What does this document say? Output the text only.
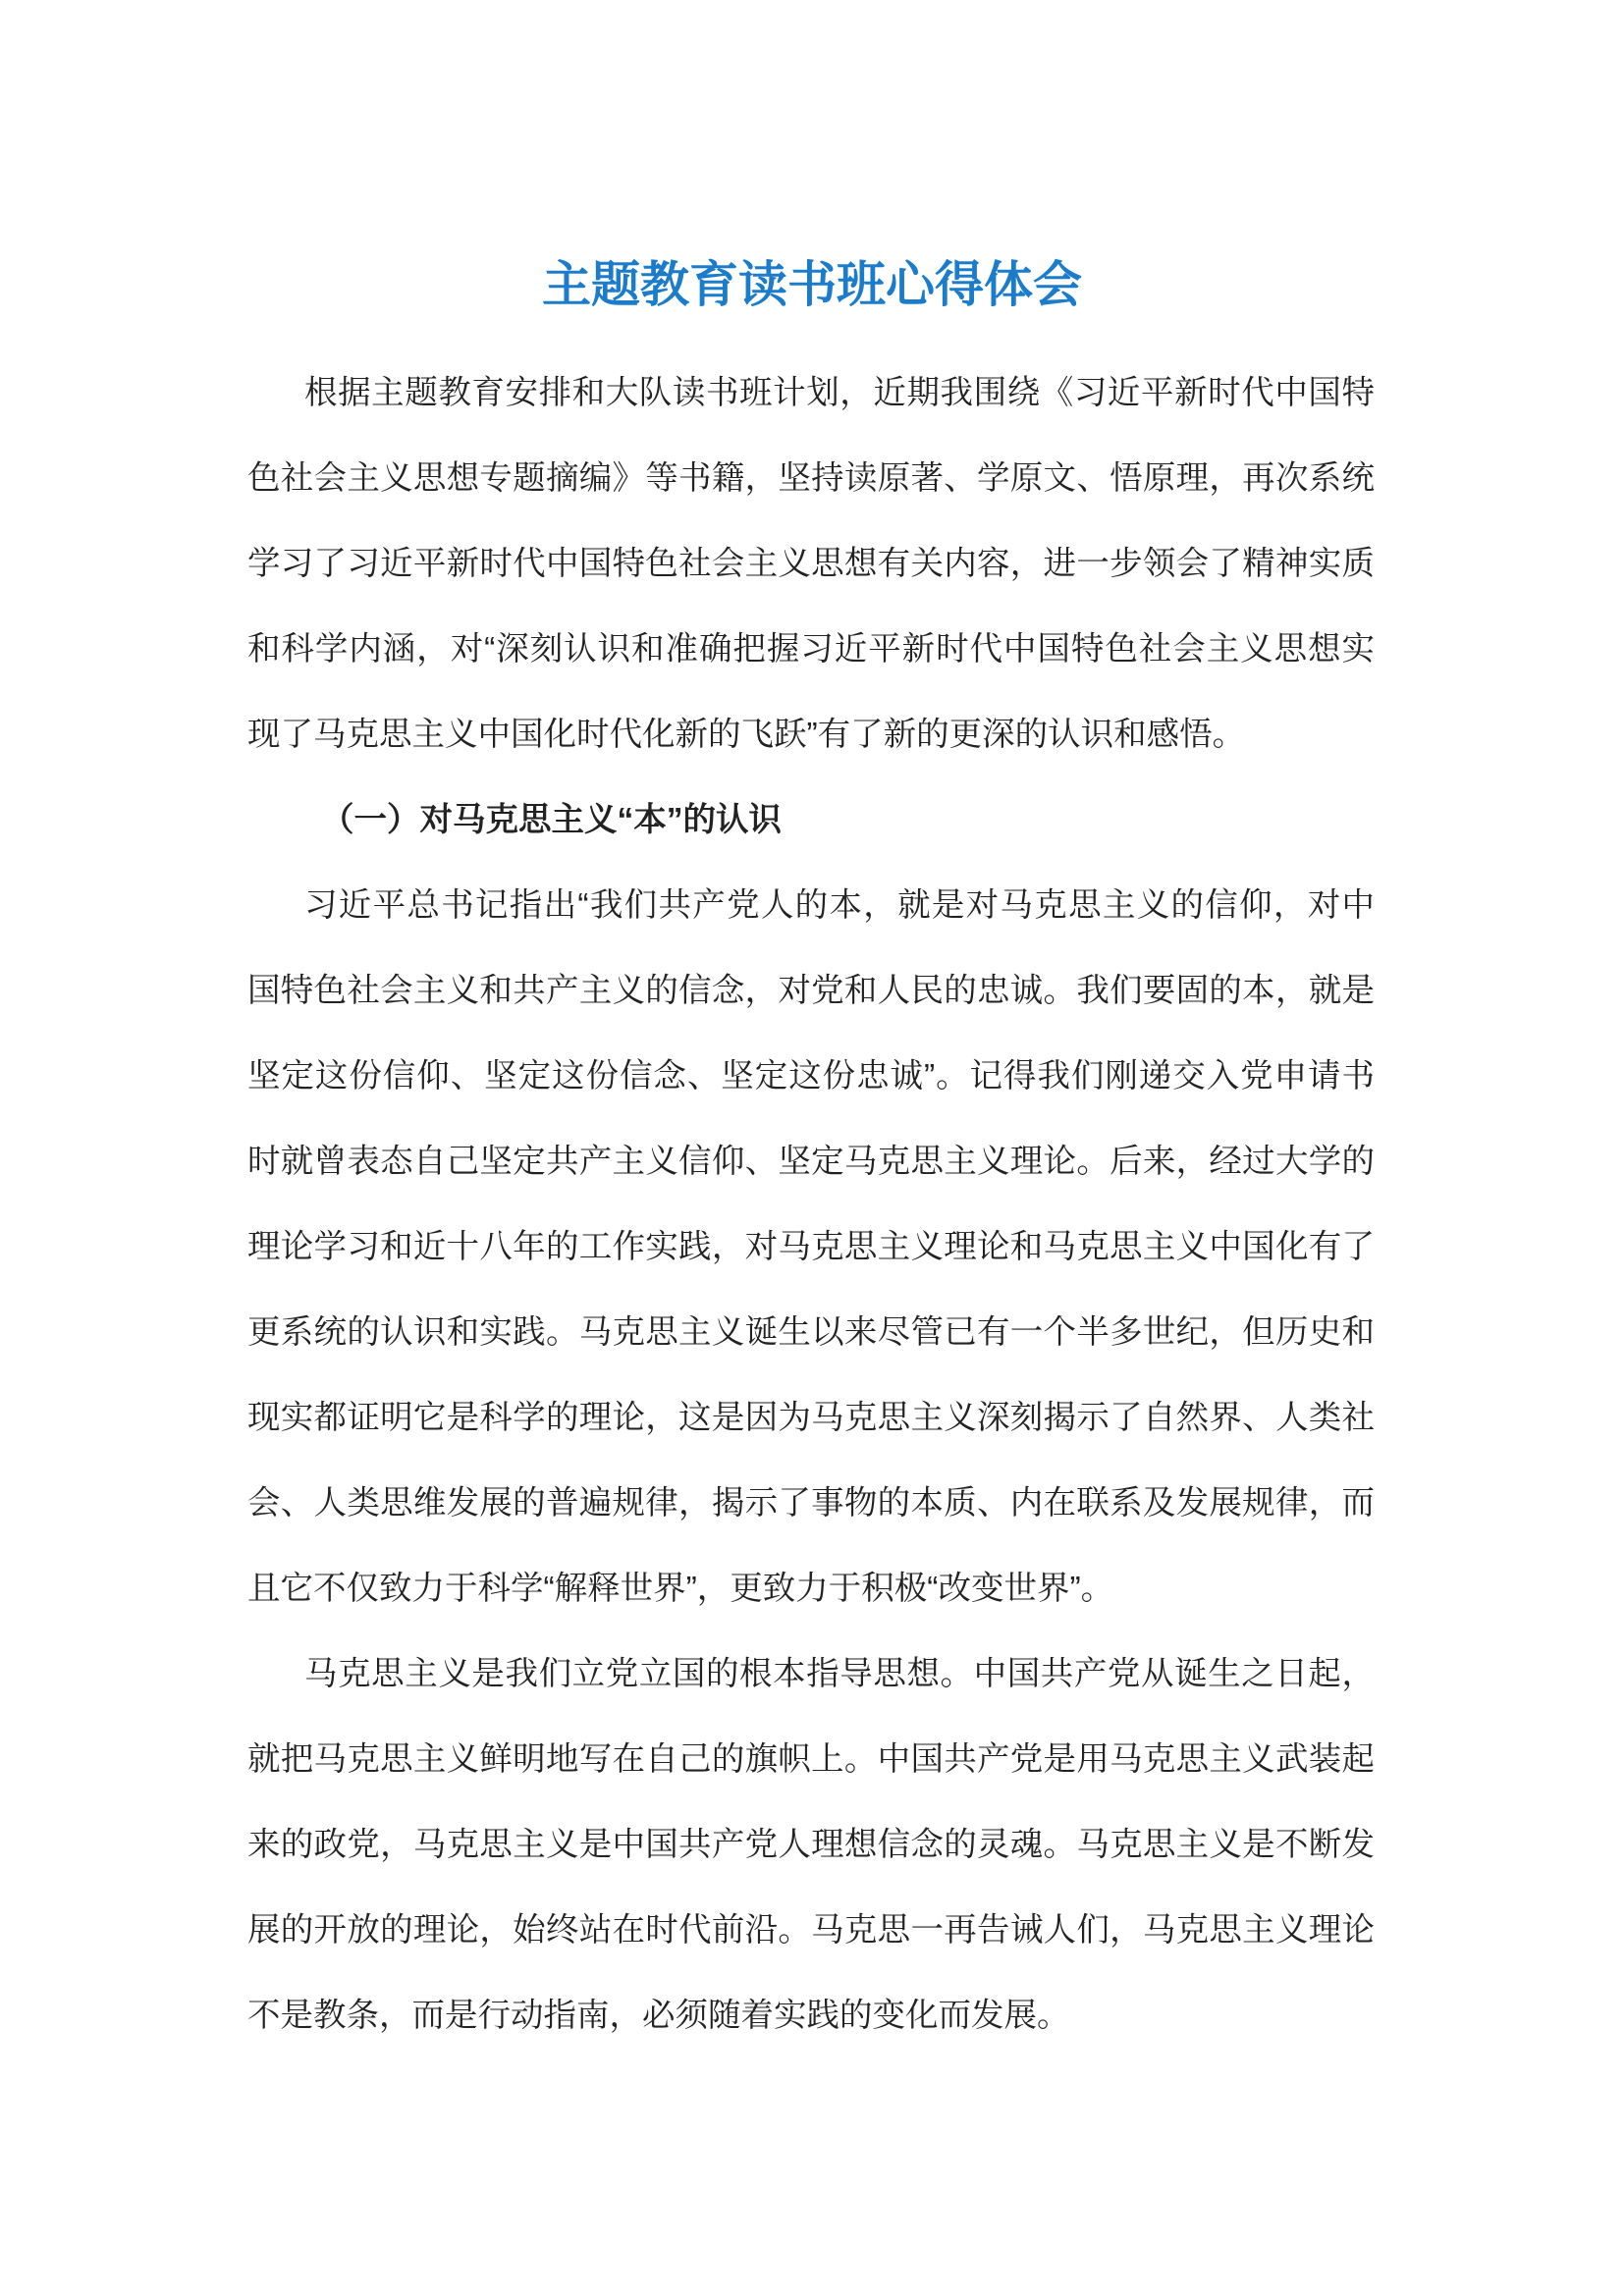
主题教育读书班心得体会
根据主题教育安排和大队读书班计划，近期我围绕《习近平新时代中国特
色社会主义思想专题摘编》等书籍，坚持读原著、学原文、悟原理，再次系统
学习了习近平新时代中国特色社会主义思想有关内容，进一步领会了精神实质
和科学内涵，对“深刻认识和准确把握习近平新时代中国特色社会主义思想实
现了马克思主义中国化时代化新的飞跃”有了新的更深的认识和感悟。
（一）对马克思主义“本”的认识
习近平总书记指出“我们共产党人的本，就是对马克思主义的信仰，对中
国特色社会主义和共产主义的信念，对党和人民的忠诚。我们要固的本，就是
坚定这份信仰、坚定这份信念、坚定这份忠诚”。记得我们刚递交入党申请书
时就曾表态自己坚定共产主义信仰、坚定马克思主义理论。后来，经过大学的
理论学习和近十八年的工作实践，对马克思主义理论和马克思主义中国化有了
更系统的认识和实践。马克思主义诞生以来尽管已有一个半多世纪，但历史和
现实都证明它是科学的理论，这是因为马克思主义深刻揭示了自然界、人类社
会、人类思维发展的普遍规律，揭示了事物的本质、内在联系及发展规律，而
且它不仅致力于科学“解释世界”，更致力于积极“改变世界”。
马克思主义是我们立党立国的根本指导思想。中国共产党从诞生之日起，
就把马克思主义鲜明地写在自己的旗帜上。中国共产党是用马克思主义武装起
来的政党，马克思主义是中国共产党人理想信念的灵魂。马克思主义是不断发
展的开放的理论，始终站在时代前沿。马克思一再告诫人们，马克思主义理论
不是教条，而是行动指南，必须随着实践的变化而发展。
